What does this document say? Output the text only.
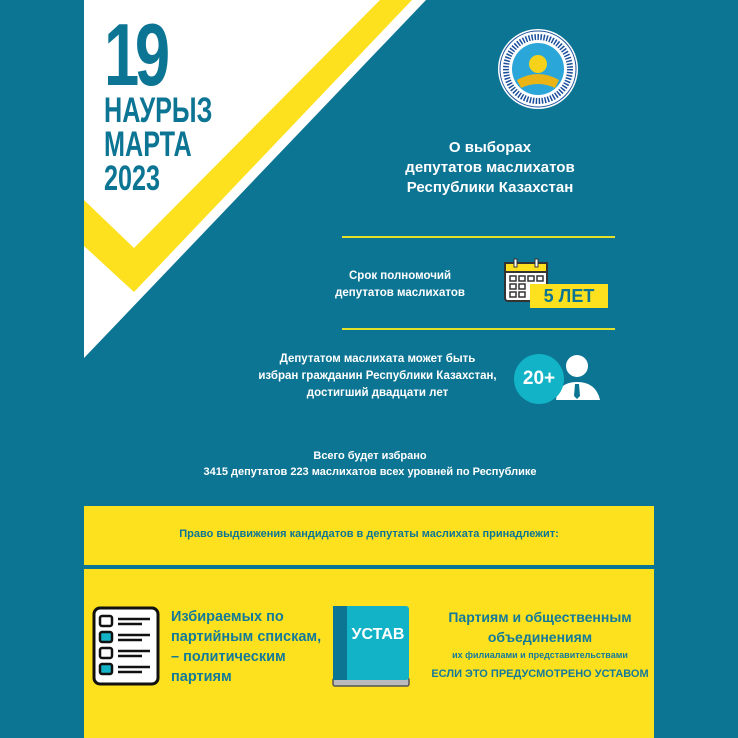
19
НАУРЫЗ
МАРТА
2023
О выборах
депутатов маслихатов
Республики Казахстан
Срок полномочий
депутатов маслихатов	5 ЛЕТ
Депутатом маслихата может быть
избран гражданин Республики Казахстан,
достигший двадцати лет
20+
Всего будет избрано
3415 депутатов 223 маслихатов всех уровней по Республике
Право выдвижения кандидатов в депутаты маслихата принадлежит:
Избираемых по
партийным спискам,
– политическим
партиям
УСТАВ
Партиям и общественным
объединениям
их филиалами и представительствами
ЕСЛИ ЭТО ПРЕДУСМОТРЕНО УСТАВОМ
